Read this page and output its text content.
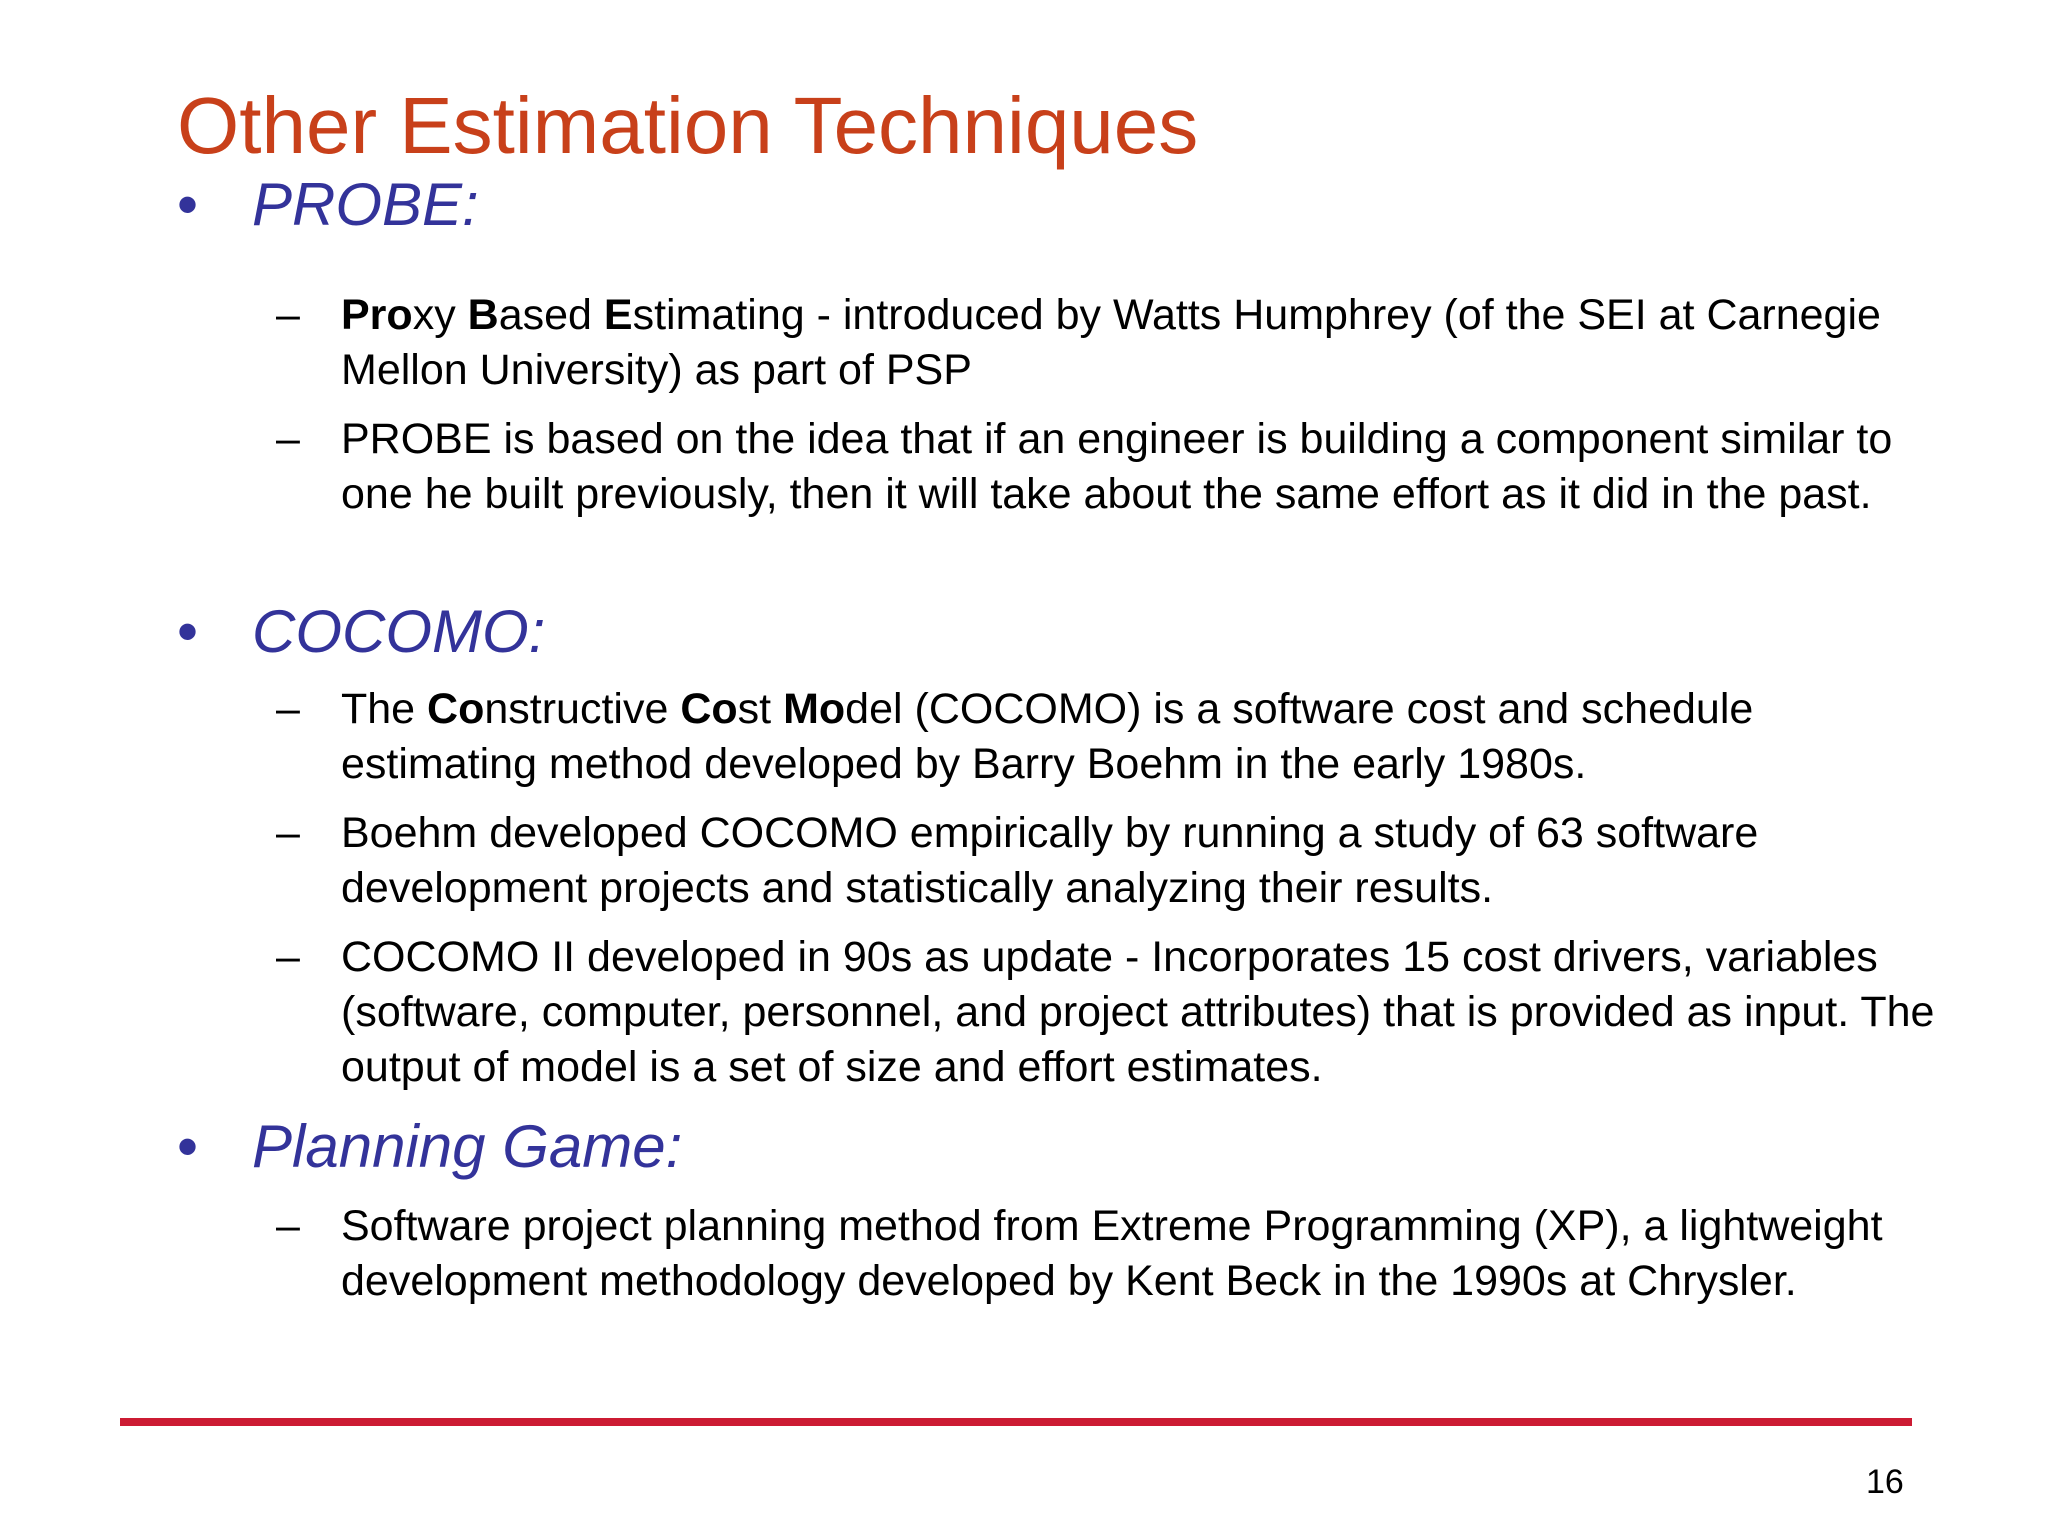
Other Estimation Techniques
• PROBE:
– Proxy Based Estimating - introduced by Watts Humphrey (of the SEI at Carnegie Mellon University) as part of PSP
– PROBE is based on the idea that if an engineer is building a component similar to one he built previously, then it will take about the same effort as it did in the past.
• COCOMO:
– The Constructive Cost Model (COCOMO) is a software cost and schedule estimating method developed by Barry Boehm in the early 1980s.
– Boehm developed COCOMO empirically by running a study of 63 software development projects and statistically analyzing their results.
– COCOMO II developed in 90s as update - Incorporates 15 cost drivers, variables (software, computer, personnel, and project attributes) that is provided as input. The output of model is a set of size and effort estimates.
• Planning Game:
– Software project planning method from Extreme Programming (XP), a lightweight development methodology developed by Kent Beck in the 1990s at Chrysler.
16
